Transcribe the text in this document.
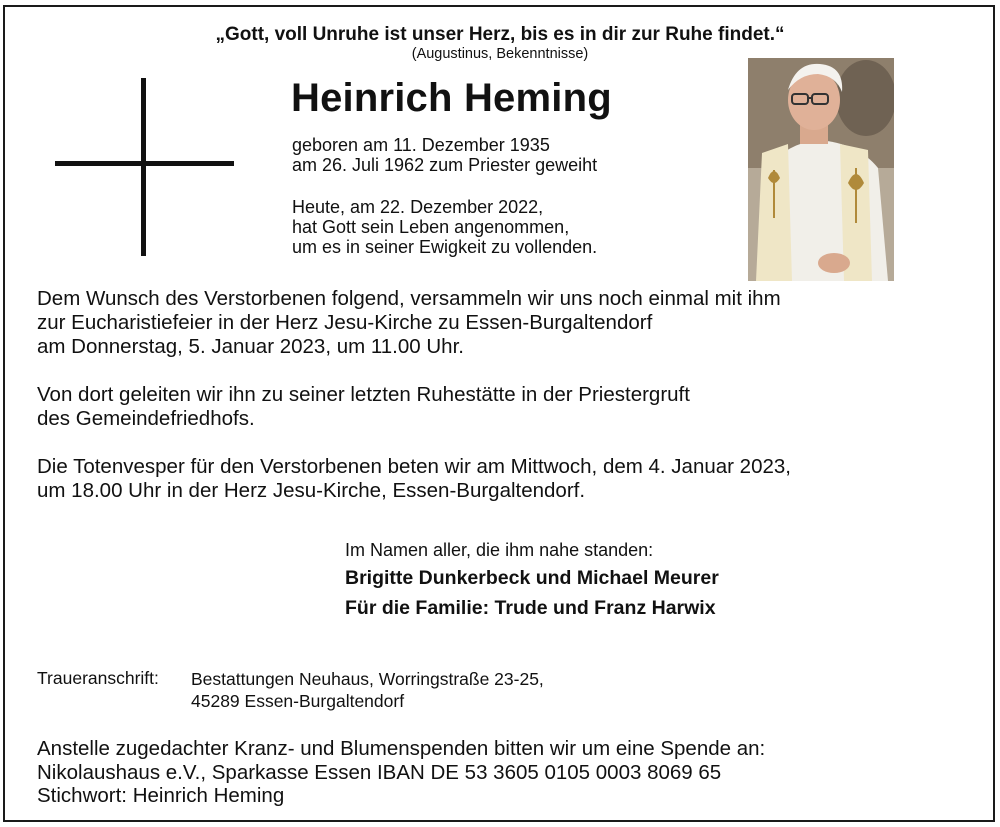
„Gott, voll Unruhe ist unser Herz, bis es in dir zur Ruhe findet.“
(Augustinus, Bekenntnisse)
Heinrich Heming
geboren am 11. Dezember 1935
am 26. Juli 1962 zum Priester geweiht
Heute, am 22. Dezember 2022,
hat Gott sein Leben angenommen,
um es in seiner Ewigkeit zu vollenden.
Dem Wunsch des Verstorbenen folgend, versammeln wir uns noch einmal mit ihm
zur Eucharistiefeier in der Herz Jesu-Kirche zu Essen-Burgaltendorf
am Donnerstag, 5. Januar 2023, um 11.00 Uhr.
Von dort geleiten wir ihn zu seiner letzten Ruhestätte in der Priestergruft
des Gemeindefriedhofs.
Die Totenvesper für den Verstorbenen beten wir am Mittwoch, dem 4. Januar 2023,
um 18.00 Uhr in der Herz Jesu-Kirche, Essen-Burgaltendorf.
Im Namen aller, die ihm nahe standen:
Brigitte Dunkerbeck und Michael Meurer
Für die Familie: Trude und Franz Harwix
Traueranschrift: Bestattungen Neuhaus, Worringstraße 23-25,
45289 Essen-Burgaltendorf
Anstelle zugedachter Kranz- und Blumenspenden bitten wir um eine Spende an:
Nikolaushaus e.V., Sparkasse Essen IBAN DE 53 3605 0105 0003 8069 65
Stichwort: Heinrich Heming
